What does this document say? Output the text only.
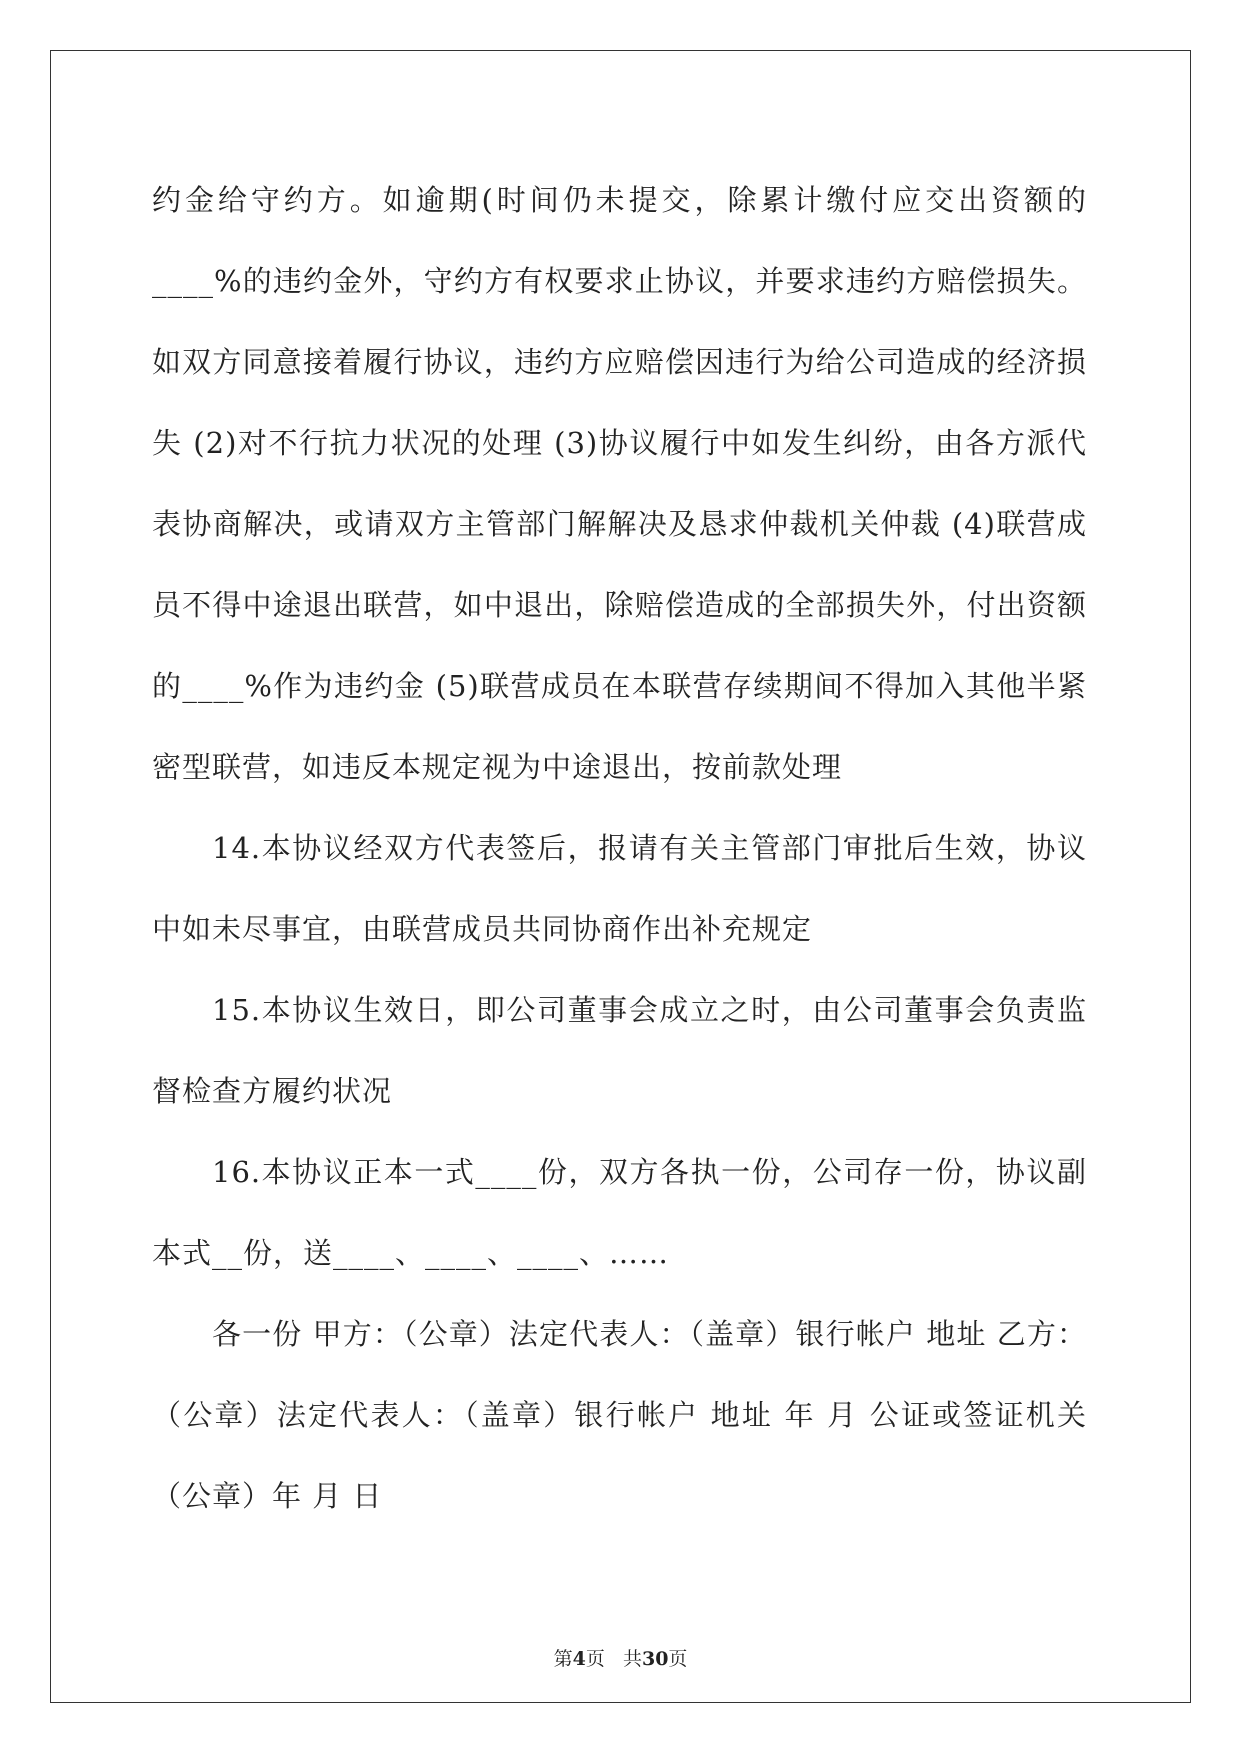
约金给守约方。如逾期(时间仍未提交，除累计缴付应交出资额的____%的违约金外，守约方有权要求止协议，并要求违约方赔偿损失。如双方同意接着履行协议，违约方应赔偿因违行为给公司造成的经济损失 (2)对不行抗力状况的处理 (3)协议履行中如发生纠纷，由各方派代表协商解决，或请双方主管部门解解决及恳求仲裁机关仲裁 (4)联营成员不得中途退出联营，如中退出，除赔偿造成的全部损失外，付出资额的____%作为违约金 (5)联营成员在本联营存续期间不得加入其他半紧密型联营，如违反本规定视为中途退出，按前款处理

14.本协议经双方代表签后，报请有关主管部门审批后生效，协议中如未尽事宜，由联营成员共同协商作出补充规定

15.本协议生效日，即公司董事会成立之时，由公司董事会负责监督检查方履约状况

16.本协议正本一式____份，双方各执一份，公司存一份，协议副本式__份，送____、____、____、……

各一份 甲方：（公章）法定代表人：（盖章）银行帐户 地址 乙方：（公章）法定代表人：（盖章）银行帐户 地址 年 月 公证或签证机关（公章）年 月 日

第4页 共30页
